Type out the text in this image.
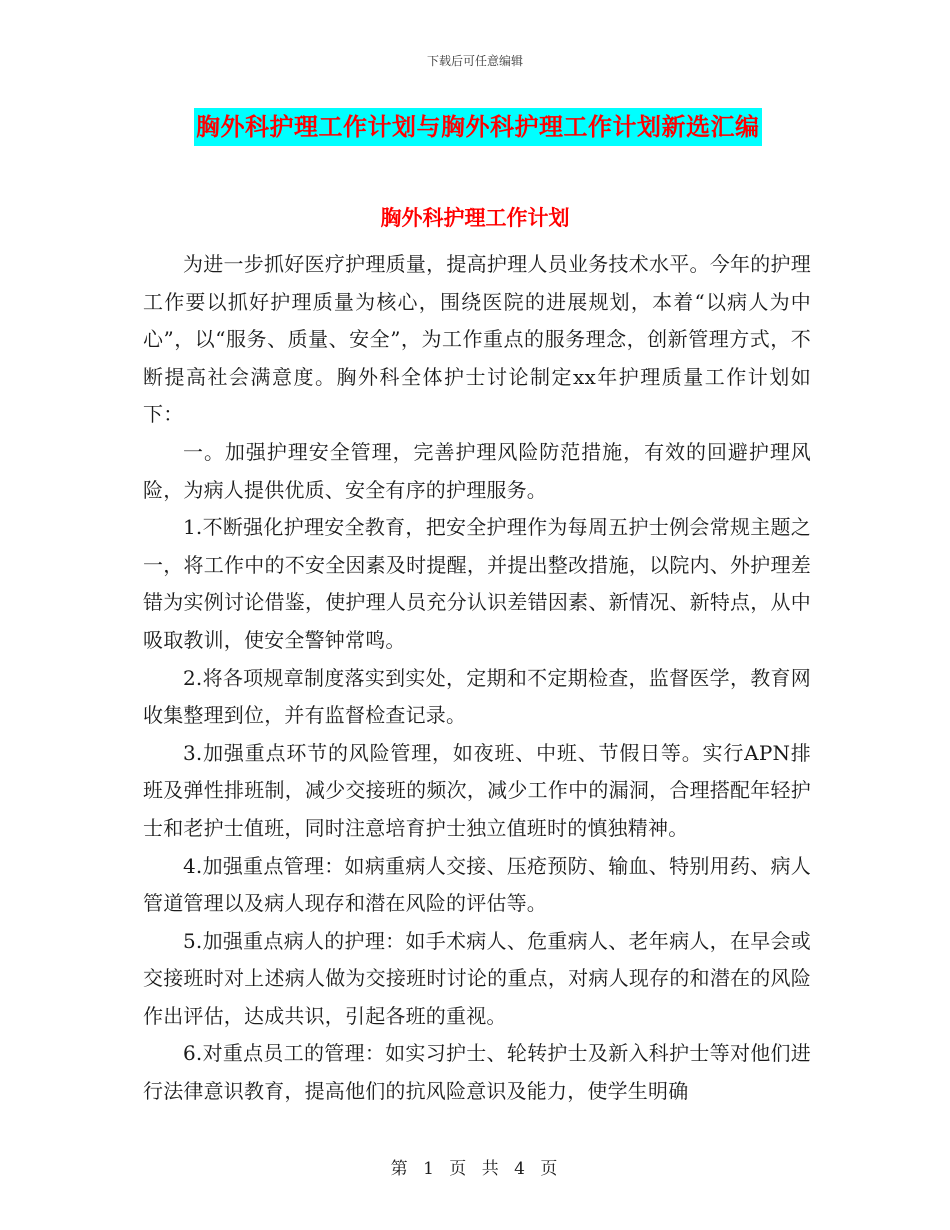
下载后可任意编辑
胸外科护理工作计划与胸外科护理工作计划新选汇编
胸外科护理工作计划

为进一步抓好医疗护理质量，提高护理人员业务技术水平。今年的护理工作要以抓好护理质量为核心，围绕医院的进展规划，本着“以病人为中心”，以“服务、质量、安全”，为工作重点的服务理念，创新管理方式，不断提高社会满意度。胸外科全体护士讨论制定xx年护理质量工作计划如下：

一。加强护理安全管理，完善护理风险防范措施，有效的回避护理风险，为病人提供优质、安全有序的护理服务。

1.不断强化护理安全教育，把安全护理作为每周五护士例会常规主题之一，将工作中的不安全因素及时提醒，并提出整改措施，以院内、外护理差错为实例讨论借鉴，使护理人员充分认识差错因素、新情况、新特点，从中吸取教训，使安全警钟常鸣。

2.将各项规章制度落实到实处，定期和不定期检查，监督医学，教育网收集整理到位，并有监督检查记录。

3.加强重点环节的风险管理，如夜班、中班、节假日等。实行APN排班及弹性排班制，减少交接班的频次，减少工作中的漏洞，合理搭配年轻护士和老护士值班，同时注意培育护士独立值班时的慎独精神。

4.加强重点管理：如病重病人交接、压疮预防、输血、特别用药、病人管道管理以及病人现存和潜在风险的评估等。

5.加强重点病人的护理：如手术病人、危重病人、老年病人，在早会或交接班时对上述病人做为交接班时讨论的重点，对病人现存的和潜在的风险作出评估，达成共识，引起各班的重视。

6.对重点员工的管理：如实习护士、轮转护士及新入科护士等对他们进行法律意识教育，提高他们的抗风险意识及能力，使学生明确

第 1 页 共 4 页
